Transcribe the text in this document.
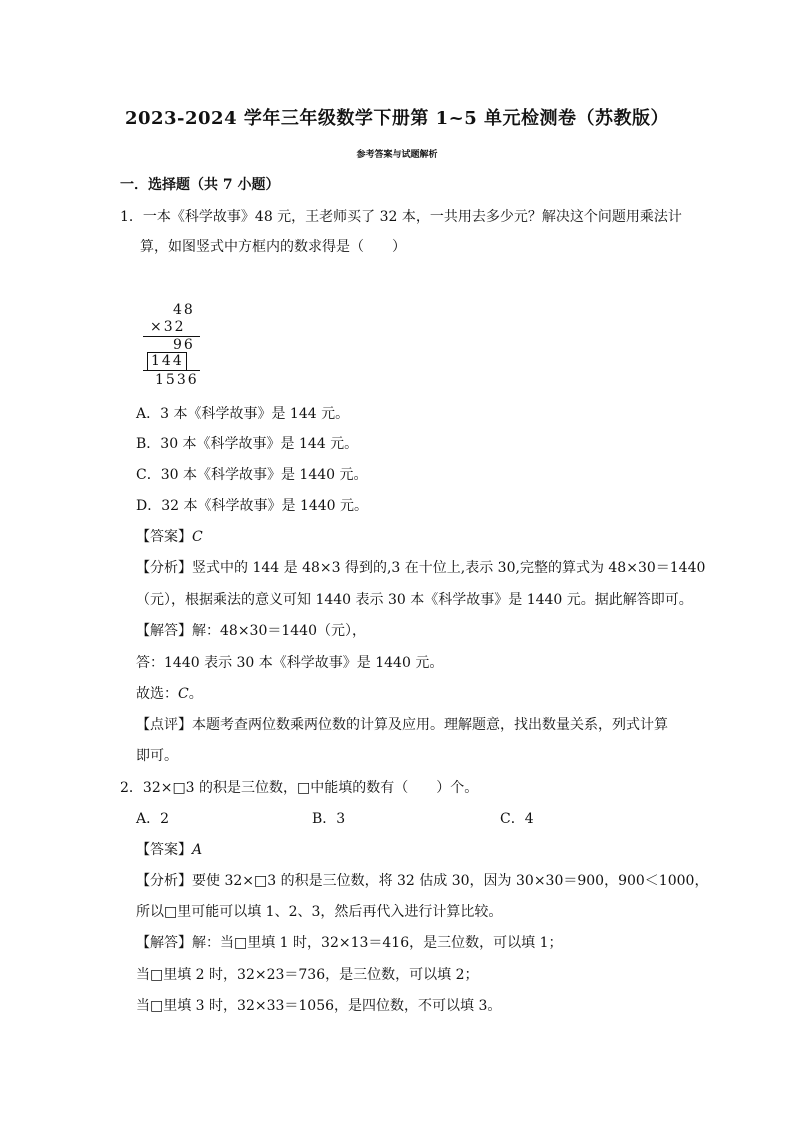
2023-2024 学年三年级数学下册第 1~5 单元检测卷（苏教版）
参考答案与试题解析
一．选择题（共 7 小题）
1．一本《科学故事》48 元，王老师买了 32 本，一共用去多少元？解决这个问题用乘法计
算，如图竖式中方框内的数求得是（　　）
48
×32
96
144
1536
A．3 本《科学故事》是 144 元。
B．30 本《科学故事》是 144 元。
C．30 本《科学故事》是 1440 元。
D．32 本《科学故事》是 1440 元。
【答案】C
【分析】竖式中的 144 是 48×3 得到的,3 在十位上,表示 30,完整的算式为 48×30＝1440
（元），根据乘法的意义可知 1440 表示 30 本《科学故事》是 1440 元。据此解答即可。
【解答】解：48×30＝1440（元），
答：1440 表示 30 本《科学故事》是 1440 元。
故选：C。
【点评】本题考查两位数乘两位数的计算及应用。理解题意，找出数量关系，列式计算
即可。
2．32×□3 的积是三位数，□中能填的数有（　　）个。
A．2	B．3	C．4
【答案】A
【分析】要使 32×□3 的积是三位数，将 32 估成 30，因为 30×30＝900，900＜1000，
所以□里可能可以填 1、2、3，然后再代入进行计算比较。
【解答】解：当□里填 1 时，32×13＝416，是三位数，可以填 1；
当□里填 2 时，32×23＝736，是三位数，可以填 2；
当□里填 3 时，32×33＝1056，是四位数，不可以填 3。
